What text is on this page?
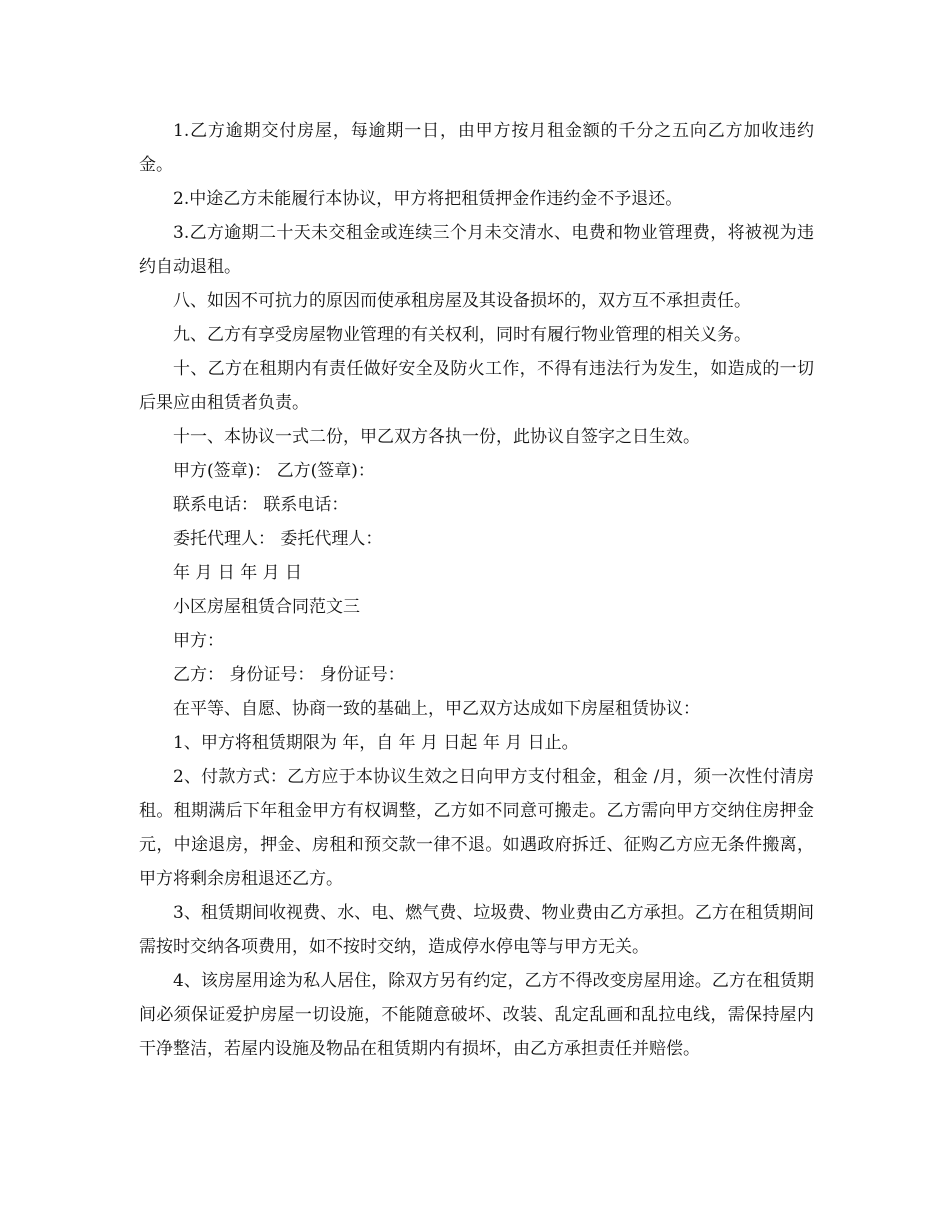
1.乙方逾期交付房屋，每逾期一日，由甲方按月租金额的千分之五向乙方加收违约金。

2.中途乙方未能履行本协议，甲方将把租赁押金作违约金不予退还。

3.乙方逾期二十天未交租金或连续三个月未交清水、电费和物业管理费，将被视为违约自动退租。

八、如因不可抗力的原因而使承租房屋及其设备损坏的，双方互不承担责任。

九、乙方有享受房屋物业管理的有关权利，同时有履行物业管理的相关义务。

十、乙方在租期内有责任做好安全及防火工作，不得有违法行为发生，如造成的一切后果应由租赁者负责。

十一、本协议一式二份，甲乙双方各执一份，此协议自签字之日生效。

甲方(签章)： 乙方(签章)：

联系电话： 联系电话：

委托代理人： 委托代理人：

年 月 日 年 月 日

小区房屋租赁合同范文三

甲方：

乙方： 身份证号： 身份证号：

在平等、自愿、协商一致的基础上，甲乙双方达成如下房屋租赁协议：

1、甲方将租赁期限为 年，自 年 月 日起 年 月 日止。

2、付款方式：乙方应于本协议生效之日向甲方支付租金，租金 /月，须一次性付清房租。租期满后下年租金甲方有权调整，乙方如不同意可搬走。乙方需向甲方交纳住房押金 元，中途退房，押金、房租和预交款一律不退。如遇政府拆迁、征购乙方应无条件搬离，甲方将剩余房租退还乙方。

3、租赁期间收视费、水、电、燃气费、垃圾费、物业费由乙方承担。乙方在租赁期间需按时交纳各项费用，如不按时交纳，造成停水停电等与甲方无关。

4、该房屋用途为私人居住，除双方另有约定，乙方不得改变房屋用途。乙方在租赁期间必须保证爱护房屋一切设施，不能随意破坏、改装、乱定乱画和乱拉电线，需保持屋内干净整洁，若屋内设施及物品在租赁期内有损坏，由乙方承担责任并赔偿。
